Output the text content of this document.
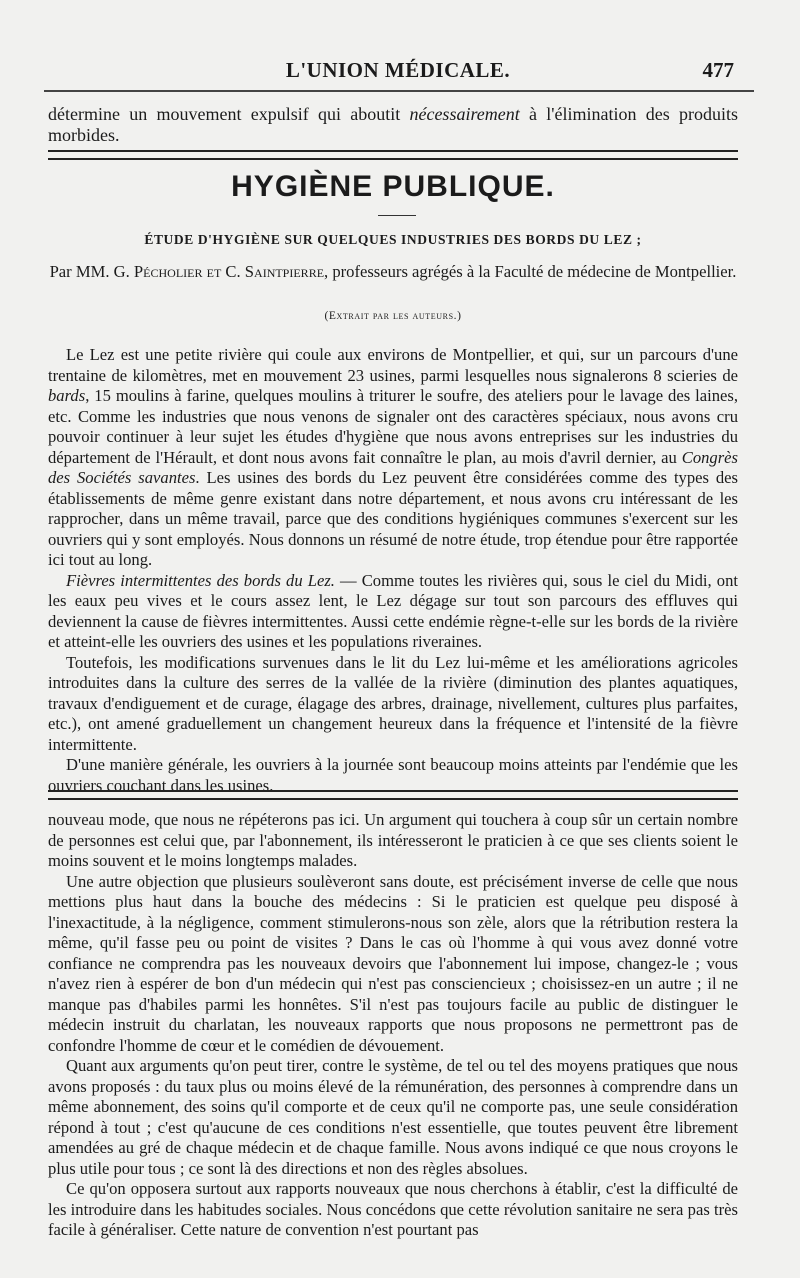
L'UNION MÉDICALE.	477

détermine un mouvement expulsif qui aboutit nécessairement à l'élimination des produits morbides.

HYGIÈNE PUBLIQUE.
ÉTUDE D'HYGIÈNE SUR QUELQUES INDUSTRIES DES BORDS DU LEZ ;
Par MM. G. Pécholier et C. Saintpierre, professeurs agrégés à la Faculté de médecine de Montpellier.
(Extrait par les auteurs.)

Le Lez est une petite rivière qui coule aux environs de Montpellier, et qui, sur un parcours d'une trentaine de kilomètres, met en mouvement 23 usines, parmi lesquelles nous signalerons 8 scieries de bards, 15 moulins à farine, quelques moulins à triturer le soufre, des ateliers pour le lavage des laines, etc. Comme les industries que nous venons de signaler ont des caractères spéciaux, nous avons cru pouvoir continuer à leur sujet les études d'hygiène que nous avons entreprises sur les industries du département de l'Hérault, et dont nous avons fait connaître le plan, au mois d'avril dernier, au Congrès des Sociétés savantes. Les usines des bords du Lez peuvent être considérées comme des types des établissements de même genre existant dans notre département, et nous avons cru intéressant de les rapprocher, dans un même travail, parce que des conditions hygiéniques communes s'exercent sur les ouvriers qui y sont employés. Nous donnons un résumé de notre étude, trop étendue pour être rapportée ici tout au long.

Fièvres intermittentes des bords du Lez. — Comme toutes les rivières qui, sous le ciel du Midi, ont les eaux peu vives et le cours assez lent, le Lez dégage sur tout son parcours des effluves qui deviennent la cause de fièvres intermittentes. Aussi cette endémie règne-t-elle sur les bords de la rivière et atteint-elle les ouvriers des usines et les populations riveraines.

Toutefois, les modifications survenues dans le lit du Lez lui-même et les améliorations agricoles introduites dans la culture des serres de la vallée de la rivière (diminution des plantes aquatiques, travaux d'endiguement et de curage, élagage des arbres, drainage, nivellement, cultures plus parfaites, etc.), ont amené graduellement un changement heureux dans la fréquence et l'intensité de la fièvre intermittente.

D'une manière générale, les ouvriers à la journée sont beaucoup moins atteints par l'endémie que les ouvriers couchant dans les usines.

nouveau mode, que nous ne répéterons pas ici. Un argument qui touchera à coup sûr un certain nombre de personnes est celui que, par l'abonnement, ils intéresseront le praticien à ce que ses clients soient le moins souvent et le moins longtemps malades.

Une autre objection que plusieurs soulèveront sans doute, est précisément inverse de celle que nous mettions plus haut dans la bouche des médecins : Si le praticien est quelque peu disposé à l'inexactitude, à la négligence, comment stimulerons-nous son zèle, alors que la rétribution restera la même, qu'il fasse peu ou point de visites ? Dans le cas où l'homme à qui vous avez donné votre confiance ne comprendra pas les nouveaux devoirs que l'abonnement lui impose, changez-le ; vous n'avez rien à espérer de bon d'un médecin qui n'est pas consciencieux ; choisissez-en un autre ; il ne manque pas d'habiles parmi les honnêtes. S'il n'est pas toujours facile au public de distinguer le médecin instruit du charlatan, les nouveaux rapports que nous proposons ne permettront pas de confondre l'homme de cœur et le comédien de dévouement.

Quant aux arguments qu'on peut tirer, contre le système, de tel ou tel des moyens pratiques que nous avons proposés : du taux plus ou moins élevé de la rémunération, des personnes à comprendre dans un même abonnement, des soins qu'il comporte et de ceux qu'il ne comporte pas, une seule considération répond à tout ; c'est qu'aucune de ces conditions n'est essentielle, que toutes peuvent être librement amendées au gré de chaque médecin et de chaque famille. Nous avons indiqué ce que nous croyons le plus utile pour tous ; ce sont là des directions et non des règles absolues.

Ce qu'on opposera surtout aux rapports nouveaux que nous cherchons à établir, c'est la difficulté de les introduire dans les habitudes sociales. Nous concédons que cette révolution sanitaire ne sera pas très facile à généraliser. Cette nature de convention n'est pourtant pas
